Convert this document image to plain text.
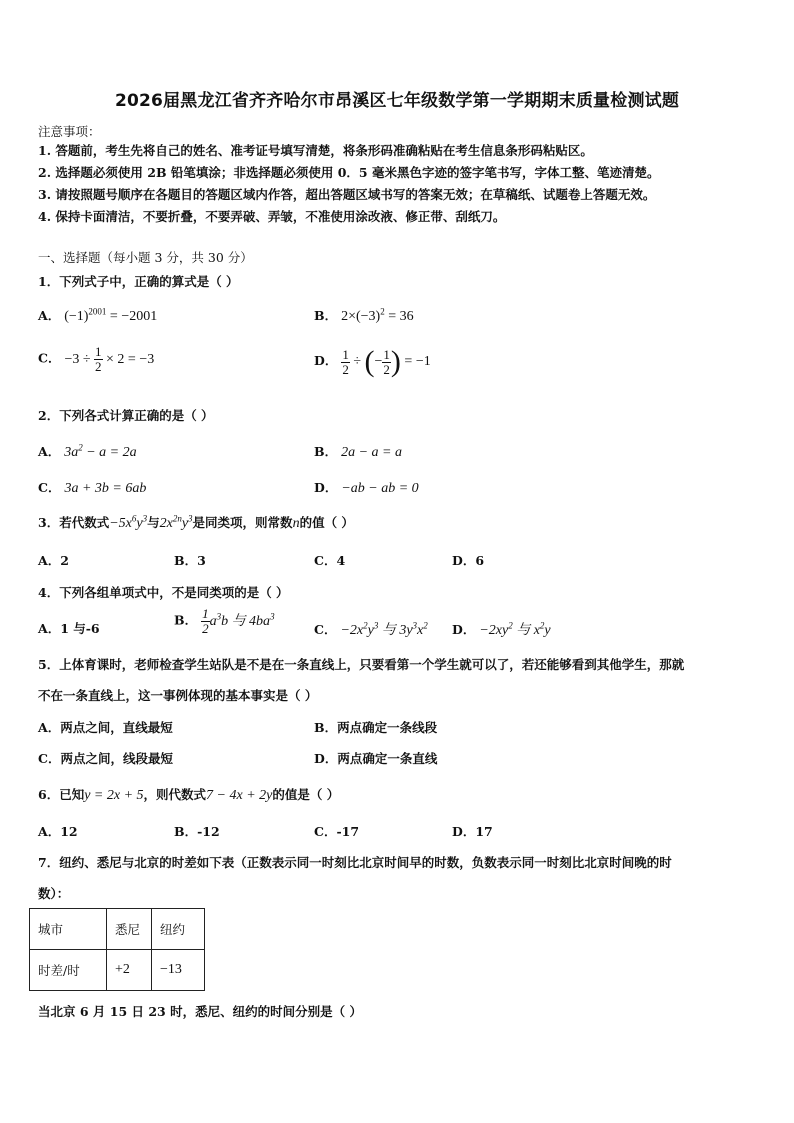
2026届黑龙江省齐齐哈尔市昂溪区七年级数学第一学期期末质量检测试题
注意事项：
1. 答题前，考生先将自己的姓名、准考证号填写清楚，将条形码准确粘贴在考生信息条形码粘贴区。
2. 选择题必须使用 2B 铅笔填涂；非选择题必须使用 0．5 毫米黑色字迹的签字笔书写，字体工整、笔迹清楚。
3. 请按照题号顺序在各题目的答题区域内作答，超出答题区域书写的答案无效；在草稿纸、试题卷上答题无效。
4. 保持卡面清洁，不要折叠，不要弄破、弄皱，不准使用涂改液、修正带、刮纸刀。
一、选择题（每小题 3 分，共 30 分）
1．下列式子中，正确的算式是（ ）
A． $(-1)^{2001} = -2001$	B． $2\times(-3)^2 = 36$
C． $-3 \div \frac{1}{2} \times 2 = -3$	D． $\frac{1}{2}$ ÷ (− $\frac{1}{2}$ ) = −1
2．下列各式计算正确的是（ ）
A． $3a^2 - a = 2a$	B． 2a − a = a
C． 3a + 3b = 6ab	D． −ab − ab = 0
3．若代数式$-5x^6y^3$与$2x^{2n}y^3$是同类项，则常数n的值（ ）
A．2	B．3	C．4	D．6
4．下列各组单项式中，不是同类项的是（ ）
A．1 与-6
B． $\frac{1}{2} a^3b$ 与 $4ba^3$
C． $-2x^2y^3$ 与 $3y^3x^2$ D． $-2xy^2$ 与 $x^2y$
5．上体育课时，老师检查学生站队是不是在一条直线上，只要看第一个学生就可以了，若还能够看到其他学生，那就
不在一条直线上，这一事例体现的基本事实是（ ）
A．两点之间，直线最短	B．两点确定一条线段
C．两点之间，线段最短	D．两点确定一条直线
6．已知y = 2x + 5，则代数式7 − 4x + 2y的值是（ ）
A．12	B．-12	C．-17	D．17
7．纽约、悉尼与北京的时差如下表（正数表示同一时刻比北京时间早的时数，负数表示同一时刻比北京时间晚的时
数）：
城市	悉尼	纽约
时差/时	+2	−13
当北京 6 月 15 日 23 时，悉尼、纽约的时间分别是（ ）
